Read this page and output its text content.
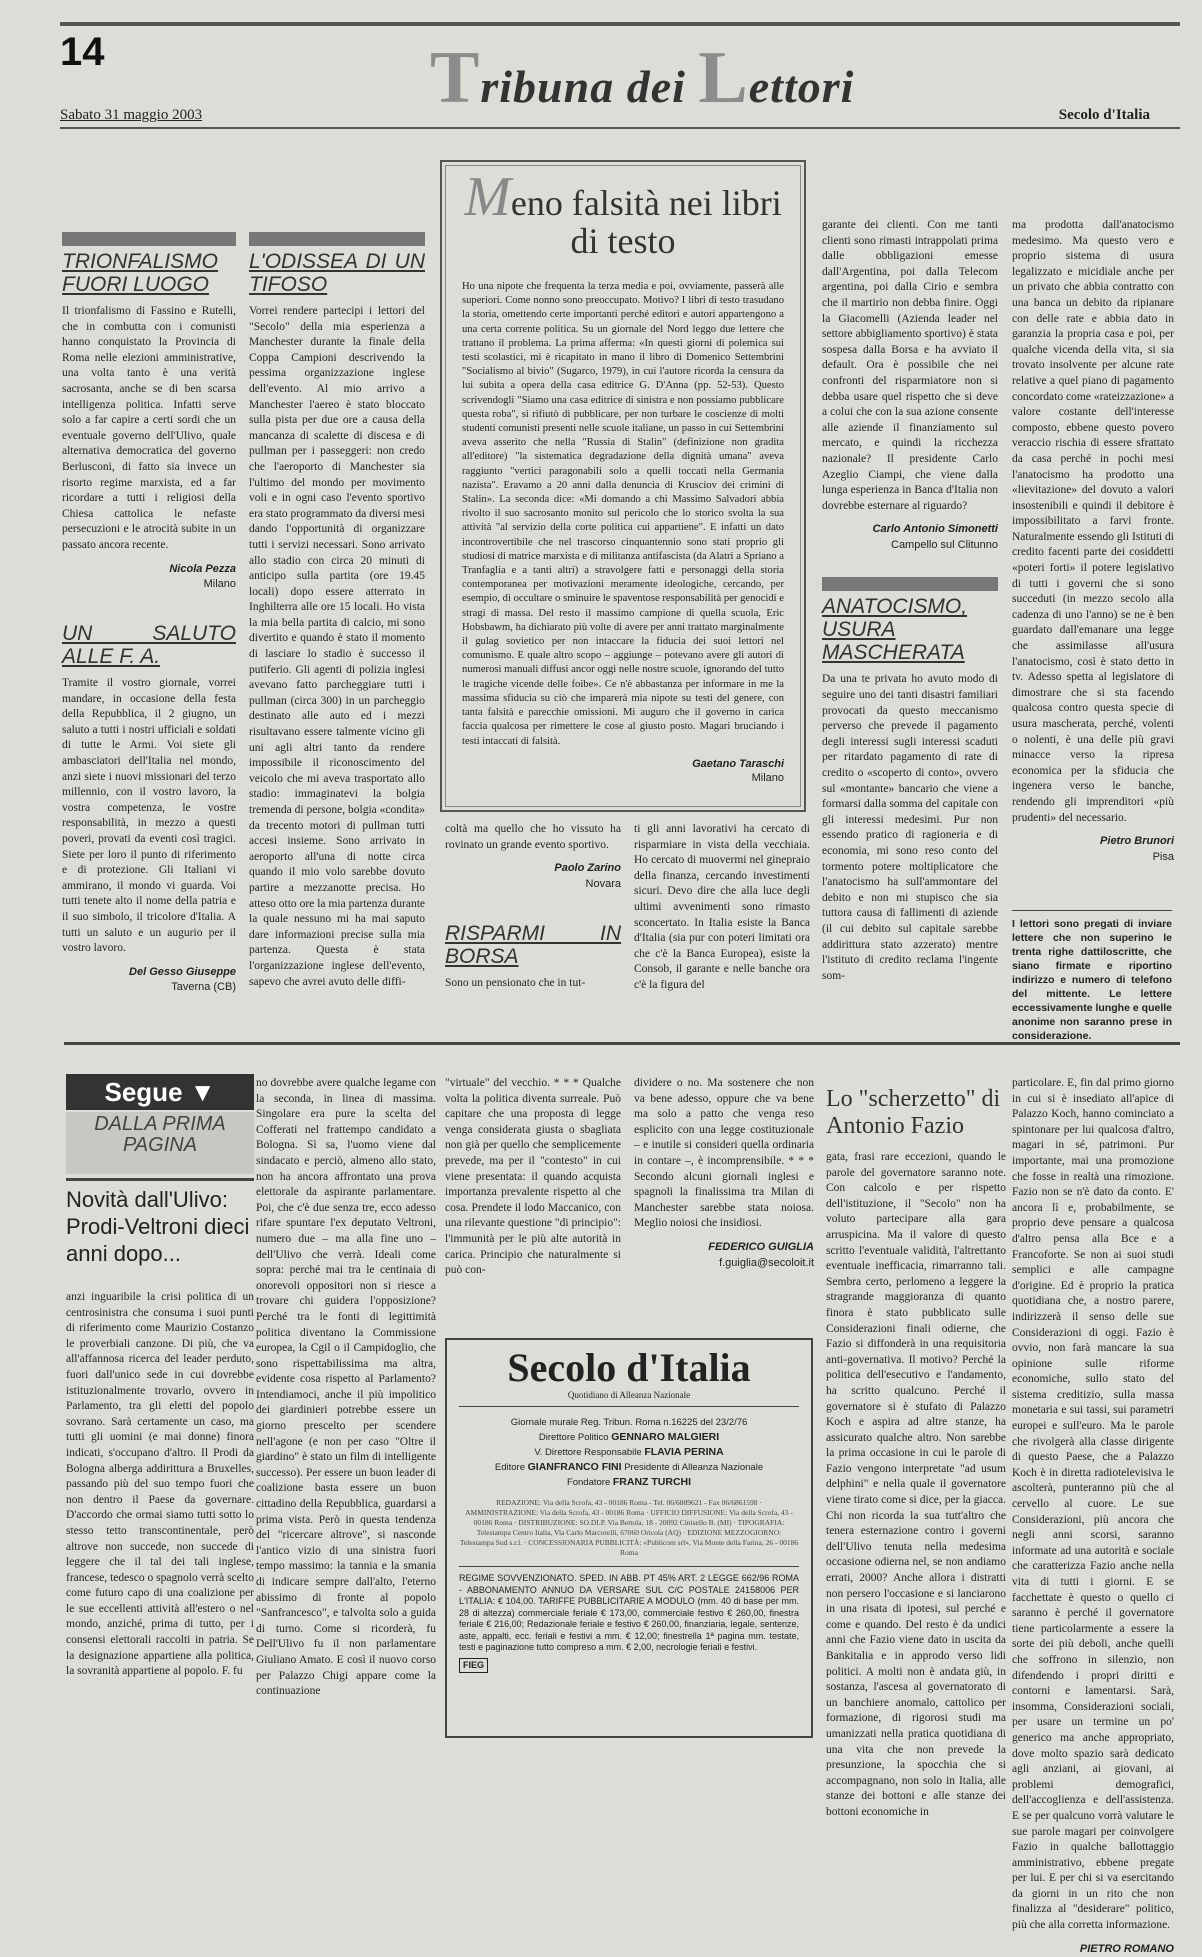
14	Tribuna dei Lettori
Sabato 31 maggio 2003	Secolo d'Italia
TRIONFALISMO FUORI LUOGO

Il trionfalismo di Fassino e Rutelli, che in combutta con i comunisti hanno conquistato la Provincia di Roma nelle elezioni amministrative, una volta tanto è una verità sacrosanta, anche se di ben scarsa intelligenza politica. Infatti serve solo a far capire a certi sordi che un eventuale governo dell'Ulivo, quale alternativa democratica del governo Berlusconi, di fatto sia invece un risorto regime marxista, ed a far ricordare a tutti i religiosi della Chiesa cattolica le nefaste persecuzioni e le atrocità subite in un passato ancora recente.

Nicola Pezza
Milano
UN SALUTO ALLE F. A.

Tramite il vostro giornale, vorrei mandare, in occasione della festa della Repubblica, il 2 giugno, un saluto a tutti i nostri ufficiali e soldati di tutte le Armi. Voi siete gli ambasciatori dell'Italia nel mondo, anzi siete i nuovi missionari del terzo millennio, con il vostro lavoro, la vostra competenza, le vostre responsabilità, in mezzo a questi poveri, provati da eventi così tragici. Siete per loro il punto di riferimento e di protezione. Gli Italiani vi ammirano, il mondo vi guarda. Voi tutti tenete alto il nome della patria e il suo simbolo, il tricolore d'Italia. A tutti un saluto e un augurio per il vostro lavoro.

Del Gesso Giuseppe
Taverna (CB)
L'ODISSEA DI UN TIFOSO

Vorrei rendere partecipi i lettori del "Secolo" della mia esperienza a Manchester durante la finale della Coppa Campioni descrivendo la pessima organizzazione inglese dell'evento. Al mio arrivo a Manchester l'aereo è stato bloccato sulla pista per due ore a causa della mancanza di scalette di discesa e di pullman per i passeggeri: non credo che l'aeroporto di Manchester sia l'ultimo del mondo per movimento voli e in ogni caso l'evento sportivo era stato programmato da diversi mesi dando l'opportunità di organizzare tutti i servizi necessari. Sono arrivato allo stadio con circa 20 minuti di anticipo sulla partita (ore 19.45 locali) dopo essere atterrato in Inghilterra alle ore 15 locali. Ho vista la mia bella partita di calcio, mi sono divertito e quando è stato il momento di lasciare lo stadio è successo il putiferio. Gli agenti di polizia inglesi avevano fatto parcheggiare tutti i pullman (circa 300) in un parcheggio destinato alle auto ed i mezzi risultavano essere talmente vicino gli uni agli altri tanto da rendere impossibile il riconoscimento del veicolo che mi aveva trasportato allo stadio: immaginatevi la bolgia tremenda di persone, bolgia «condita» da trecento motori di pullman tutti accesi insieme. Sono arrivato in aeroporto all'una di notte circa quando il mio volo sarebbe dovuto partire a mezzanotte precisa. Ho atteso otto ore la mia partenza durante la quale nessuno mi ha mai saputo dare informazioni precise sulla mia partenza. Questa è stata l'organizzazione inglese dell'evento, sapevo che avrei avuto delle diffi-

Meno falsità nei libri di testo

Ho una nipote che frequenta la terza media e poi, ovviamente, passerà alle superiori. Come nonno sono preoccupato. Motivo? I libri di testo trasudano la storia, omettendo certe importanti perché editori e autori appartengono a una certa corrente politica. Su un giornale del Nord leggo due lettere che trattano il problema. La prima afferma: «In questi giorni di polemica sui testi scolastici, mi è ricapitato in mano il libro di Domenico Settembrini "Socialismo al bivio" (Sugarco, 1979), in cui l'autore ricorda la censura da lui subita a opera della casa editrice G. D'Anna (pp. 52-53). Questo scrivendogli "Siamo una casa editrice di sinistra e non possiamo pubblicare questa roba", si rifiutò di pubblicare, per non turbare le coscienze di molti studenti comunisti presenti nelle scuole italiane, un passo in cui Settembrini aveva asserito che nella "Russia di Stalin" (definizione non gradita all'editore) "la sistematica degradazione della dignità umana" aveva raggiunto "vertici paragonabili solo a quelli toccati nella Germania nazista". Eravamo a 20 anni dalla denuncia di Krusciov dei crimini di Stalin». La seconda dice: «Mi domando a chi Massimo Salvadori abbia rivolto il suo sacrosanto monito sul pericolo che lo storico svolta la sua attività "al servizio della corte politica cui appartiene". E infatti un dato incontrovertibile che nel trascorso cinquantennio sono stati proprio gli studiosi di matrice marxista e di militanza antifascista (da Alatri a Spriano a Tranfaglia e a tanti altri) a stravolgere fatti e personaggi della storia contemporanea per motivazioni meramente ideologiche, cercando, per esempio, di occultare o sminuire le spaventose responsabilità per genocidi e stragi di massa. Del resto il massimo campione di quella scuola, Eric Hobsbawm, ha dichiarato più volte di avere per anni trattato marginalmente il gulag sovietico per non intaccare la fiducia dei suoi lettori nel comunismo. E quale altro scopo – aggiunge – potevano avere gli autori di numerosi manuali diffusi ancor oggi nelle nostre scuole, ignorando del tutto le tragiche vicende delle foibe». Ce n'è abbastanza per informare in me la massima sfiducia su ciò che imparerà mia nipote su testi del genere, con tanta falsità e parecchie omissioni. Mi auguro che il governo in carica faccia qualcosa per rimettere le cose al giusto posto. Magari bruciando i testi intaccati di falsità.

Gaetano Taraschi
Milano

coltà ma quello che ho vissuto ha rovinato un grande evento sportivo.

Paolo Zarino
Novara
RISPARMI IN BORSA

Sono un pensionato che in tut-

ti gli anni lavorativi ha cercato di risparmiare in vista della vecchiaia. Ho cercato di muovermi nel ginepraio della finanza, cercando investimenti sicuri. Devo dire che alla luce degli ultimi avvenimenti sono rimasto sconcertato. In Italia esiste la Banca d'Italia (sia pur con poteri limitati ora che c'è la Banca Europea), esiste la Consob, il garante e nelle banche ora c'è la figura del

garante dei clienti. Con me tanti clienti sono rimasti intrappolati prima dalle obbligazioni emesse dall'Argentina, poi dalla Telecom argentina, poi dalla Cirio e sembra che il martirio non debba finire. Oggi la Giacomelli (Azienda leader nel settore abbigliamento sportivo) è stata sospesa dalla Borsa e ha avviato il default. Ora è possibile che nei confronti del risparmiatore non si debba usare quel rispetto che si deve a colui che con la sua azione consente alle aziende il finanziamento sul mercato, e quindi la ricchezza nazionale? Il presidente Carlo Azeglio Ciampi, che viene dalla lunga esperienza in Banca d'Italia non dovrebbe esternare al riguardo?

Carlo Antonio Simonetti
Campello sul Clitunno
ANATOCISMO, USURA MASCHERATA

Da una te privata ho avuto modo di seguire uno dei tanti disastri familiari provocati da questo meccanismo perverso che prevede il pagamento degli interessi sugli interessi scaduti per ritardato pagamento di rate di credito o «scoperto di conto», ovvero sul «montante» bancario che viene a formarsi dalla somma del capitale con gli interessi medesimi. Pur non essendo pratico di ragioneria e di economia, mi sono reso conto del tormento potere moltiplicatore che l'anatocismo ha sull'ammontare del debito e non mi stupisco che sia tuttora causa di fallimenti di aziende (il cui debito sul capitale sarebbe addirittura stato azzerato) mentre l'istituto di credito reclama l'ingente som-

ma prodotta dall'anatocismo medesimo. Ma questo vero e proprio sistema di usura legalizzato e micidiale anche per un privato che abbia contratto con una banca un debito da ripianare con delle rate e abbia dato in garanzia la propria casa e poi, per qualche vicenda della vita, si sia trovato insolvente per alcune rate relative a quel piano di pagamento concordato come «rateizzazione» a valore costante dell'interesse composto, ebbene questo povero veraccio rischia di essere sfrattato da casa perché in pochi mesi l'anatocismo ha prodotto una «lievitazione» del dovuto a valori insostenibili e quindi il debitore è impossibilitato a farvi fronte. Naturalmente essendo gli Istituti di credito facenti parte dei cosiddetti «poteri forti» il potere legislativo di tutti i governi che si sono succeduti (in mezzo secolo alla cadenza di uno l'anno) se ne è ben guardato dall'emanare una legge che assimilasse all'usura l'anatocismo, così è stato detto in tv. Adesso spetta al legislatore di dimostrare che si sta facendo qualcosa contro questa specie di usura mascherata, perché, volenti o nolenti, è una delle più gravi minacce verso la ripresa economica per la sfiducia che ingenera verso le banche, rendendo gli imprenditori «più prudenti» del necessario.

Pietro Brunori
Pisa
I lettori sono pregati di inviare lettere che non superino le trenta righe dattiloscritte, che siano firmate e riportino indirizzo e numero di telefono del mittente. Le lettere eccessivamente lunghe e quelle anonime non saranno prese in considerazione.
Segue ▼
DALLA PRIMA PAGINA
Novità dall'Ulivo: Prodi-Veltroni dieci anni dopo...

anzi inguaribile la crisi politica di un centrosinistra che consuma i suoi punti di riferimento come Maurizio Costanzo le proverbiali canzone. Di più, che va all'affannosa ricerca del leader perduto, fuori dall'unico sede in cui dovrebbe istituzionalmente trovarlo, ovvero in Parlamento, tra gli eletti del popolo sovrano. Sarà certamente un caso, ma tutti gli uomini (e mai donne) finora indicati, s'occupano d'altro. Il Prodi da Bologna alberga addirittura a Bruxelles, passando più del suo tempo fuori che non dentro il Paese da governare. D'accordo che ormai siamo tutti sotto lo stesso tetto transcontinentale, però altrove non succede, non succede di leggere che il tal dei tali inglese, francese, tedesco o spagnolo verrà scelto come futuro capo di una coalizione per le sue eccellenti attività all'estero o nel mondo, anziché, prima di tutto, per i consensi elettorali raccolti in patria. Se la designazione appartiene alla politica, la sovranità appartiene al popolo. F. fu

no dovrebbe avere qualche legame con la seconda, in linea di massima. Singolare era pure la scelta del Cofferati nel frattempo candidato a Bologna. Sì sa, l'uomo viene dal sindacato e perciò, almeno allo stato, non ha ancora affrontato una prova elettorale da aspirante parlamentare. Poi, che c'è due senza tre, ecco adesso rifare spuntare l'ex deputato Veltroni, numero due – ma alla fine uno – dell'Ulivo che verrà. Ideali come sopra: perché mai tra le centinaia di onorevoli oppositori non si riesce a trovare chi guidera l'opposizione? Perché tra le fonti di legittimità politica diventano la Commissione europea, la Cgil o il Campidoglio, che sono rispettabilissima ma altra, evidente cosa rispetto al Parlamento? Intendiamoci, anche il più impolitico dei giardinieri potrebbe essere un giorno prescelto per scendere nell'agone (e non per caso "Oltre il giardino" è stato un film di intelligente successo). Per essere un buon leader di coalizione basta essere un buon cittadino della Repubblica, guardarsi a prima vista. Però in questa tendenza del "ricercare altrove", si nasconde l'antico vizio di una sinistra fuori tempo massimo: la tannia e la smania di indicare sempre dall'alto, l'eterno abissimo di fronte al popolo "Sanfrancesco", e talvolta solo a guida di turno. Come si ricorderà, fu Dell'Ulivo fu il non parlamentare Giuliano Amato. E così il nuovo corso per Palazzo Chigi appare come la continuazione

"virtuale" del vecchio. * * * Qualche volta la politica diventa surreale. Può capitare che una proposta di legge venga considerata giusta o sbagliata non già per quello che semplicemente prevede, ma per il "contesto" in cui viene presentata: il quando acquista importanza prevalente rispetto al che cosa. Prendete il lodo Maccanico, con una rilevante questione "di principio": l'immunità per le più alte autorità in carica. Principio che naturalmente si può con-

dividere o no. Ma sostenere che non va bene adesso, oppure che va bene ma solo a patto che venga reso esplicito con una legge costituzionale – e inutile si consideri quella ordinaria in contare –, è incomprensibile. * * * Secondo alcuni giornali inglesi e spagnoli la finalissima tra Milan di Manchester sarebbe stata noiosa. Meglio noiosi che insidiosi.

FEDERICO GUIGLIA
f.guiglia@secoloit.it
Lo "scherzetto" di Antonio Fazio

gata, frasi rare eccezioni, quando le parole del governatore saranno note. Con calcolo e per rispetto dell'istituzione, il "Secolo" non ha voluto partecipare alla gara arruspicina. Ma il valore di questo scritto l'eventuale validità, l'altrettanto eventuale inefficacia, rimarranno tali. Sembra certo, perlomeno a leggere la stragrande maggioranza di quanto finora è stato pubblicato sulle Considerazioni finali odierne, che Fazio si diffonderà in una requisitoria anti-governativa. Il motivo? Perché la politica dell'esecutivo e l'andamento, ha scritto qualcuno. Perché il governatore si è stufato di Palazzo Koch e aspira ad altre stanze, ha assicurato qualche altro. Non sarebbe la prima occasione in cui le parole di Fazio vengono interpretate "ad usum delphini" e nella quale il governatore viene tirato come si dice, per la giacca. Chi non ricorda la sua tutt'altro che tenera esternazione contro i governi dell'Ulivo tenuta nella medesima occasione odierna nel, se non andiamo errati, 2000? Anche allora i distratti non persero l'occasione e si lanciarono in una risata di ipotesi, sul perché e come e quando. Del resto è da undici anni che Fazio viene dato in uscita da Bankitalia e in approdo verso lidi politici. A molti non è andata giù, in sostanza, l'ascesa al governatorato di un banchiere anomalo, cattolico per formazione, di rigorosi studi ma umanizzati nella pratica quotidiana di una vita che non prevede la presunzione, la spocchia che si accompagnano, non solo in Italia, alle stanze dei bottoni e alle stanze dei bottoni economiche in

particolare. E, fin dal primo giorno in cui si è insediato all'apice di Palazzo Koch, hanno cominciato a spintonare per lui qualcosa d'altro, magari in sé, patrimoni. Pur importante, mai una promozione che fosse in realtà una rimozione. Fazio non se n'è dato da conto. E' ancora lì e, probabilmente, se proprio deve pensare a qualcosa d'altro pensa alla Bce e a Francoforte. Se non ai suoi studi semplici e alle campagne d'origine. Ed è proprio la pratica quotidiana che, a nostro parere, indirizzerà il senso delle sue Considerazioni di oggi. Fazio è ovvio, non farà mancare la sua opinione sulle riforme economiche, sullo stato del sistema creditizio, sulla massa monetaria e sui tassi, sui parametri europei e sull'euro. Ma le parole che rivolgerà alla classe dirigente di questo Paese, che a Palazzo Koch è in diretta radiotelevisiva le ascolterà, punteranno più che al cervello al cuore. Le sue Considerazioni, più ancora che negli anni scorsi, saranno informate ad una autorità e sociale che caratterizza Fazio anche nella vita di tutti i giorni. E se facchettate è questo o quello ci saranno è perché il governatore tiene particolarmente a essere la sorte dei più deboli, anche quelli che soffrono in silenzio, non difendendo i propri diritti e contorni e lamentarsi. Sarà, insomma, Considerazioni sociali, per usare un termine un po' generico ma anche appropriato, dove molto spazio sarà dedicato agli anziani, ai giovani, ai problemi demografici, dell'accoglienza e dell'assistenza. E se per qualcuno vorrà valutare le sue parole magari per coinvolgere Fazio in qualche ballottaggio amministrativo, ebbene pregate per lui. E per chi si va esercitando da giorni in un rito che non finalizza al "desiderare" politico, più che alla corretta informazione.

PIETRO ROMANO
Secolo d'Italia
Quotidiano di Alleanza Nazionale
Giornale murale Reg. Tribun. Roma n.16225 del 23/2/76
Direttore Politico GENNARO MALGIERI
V. Direttore Responsabile FLAVIA PERINA
Editore GIANFRANCO FINI Presidente di Alleanza Nazionale
Fondatore FRANZ TURCHI
REDAZIONE: Via della Scrofa, 43 - 00186 Roma - Tel. 06/6889621 - Fax 06/6861598 · AMMINISTRAZIONE: Via della Scrofa, 43 - 00186 Roma · UFFICIO DIFFUSIONE: Via della Scrofa, 43 - 00186 Roma · DISTRIBUZIONE: SO.DI.P. Via Bettola, 18 - 20092 Cinisello B. (MI) · TIPOGRAFIA: Telestampa Centro Italia, Via Carlo Marcorelli, 67060 Oricola (AQ) · EDIZIONE MEZZOGIORNO: Telestampa Sud s.r.l. · CONCESSIONARIA PUBBLICITÀ: «Publicom srl», Via Monte della Farina, 26 - 00186 Roma
REGIME SOVVENZIONATO. SPED. IN ABB. PT 45% ART. 2 LEGGE 662/96 ROMA - ABBONAMENTO ANNUO DA VERSARE SUL C/C POSTALE 24158006 PER L'ITALIA: € 104,00. TARIFFE PUBBLICITARIE A MODULO (mm. 40 di base per mm. 28 di altezza) commerciale feriale € 173,00, commerciale festivo € 260,00, finestra feriale € 216,00; Redazionale feriale e festivo € 260,00, finanziaria, legale, sentenze, aste, appalti, ecc. feriali e festivi a mm. € 12,00; finestrella 1ª pagina mm. testate, testi e paginazione tutto compreso a mm. € 2,00, necrologie feriali e festivi.
FIEG
